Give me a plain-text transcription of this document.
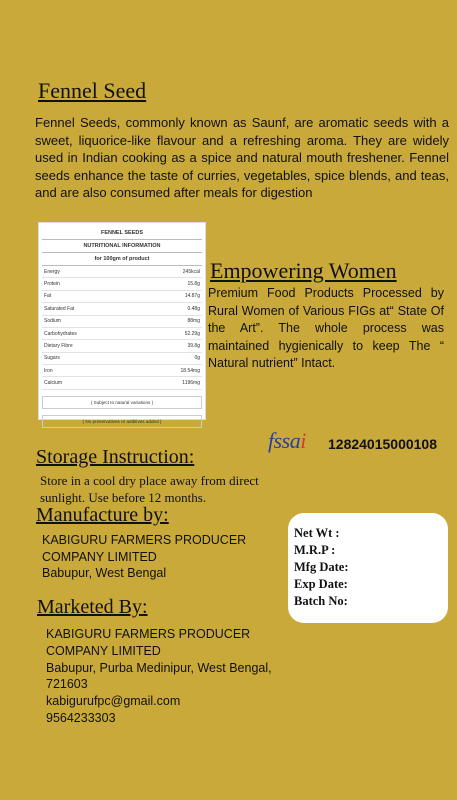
Fennel Seed
Fennel Seeds, commonly known as Saunf, are aromatic seeds with a sweet, liquorice-like flavour and a refreshing aroma. They are widely used in Indian cooking as a spice and natural mouth freshener. Fennel seeds enhance the taste of curries, vegetables, spice blends, and teas, and are also consumed after meals for digestion
FENNEL SEEDS
NUTRITIONAL INFORMATION
for 100gm of product
Energy	245kcal
Protein	15.8g
Fat	14.87g
Saturated Fat	0.48g
Sodium	88mg
Carbohydrates	52.29g
Dietary Fibre	39.8g
Sugars	0g
Iron	18.54mg
Calcium	1196mg
( Subject to natural variations )
( No preservatives or additives added )
Empowering Women
Premium Food Products Processed by Rural Women of Various FIGs at“ State Of the Art”. The whole process was maintained hygienically to keep The “ Natural nutrient” Intact.
fssai 12824015000108
Storage Instruction:
Store in a cool dry place away from direct sunlight. Use before 12 months.
Manufacture by:
KABIGURU FARMERS PRODUCER
COMPANY LIMITED
Babupur, West Bengal
Net Wt :
M.R.P :
Mfg Date:
Exp Date:
Batch No:
Marketed By:
KABIGURU FARMERS PRODUCER
COMPANY LIMITED
Babupur, Purba Medinipur, West Bengal,
721603
kabigurufpc@gmail.com
9564233303
